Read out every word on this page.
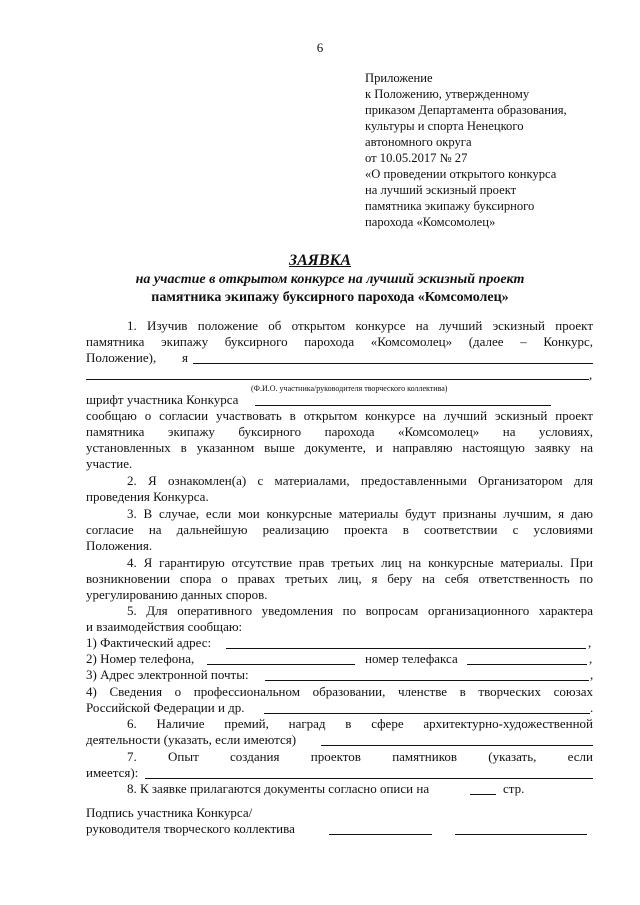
6
Приложение
к Положению, утвержденному
приказом Департамента образования,
культуры и спорта Ненецкого
автономного округа
от 10.05.2017 № 27
«О проведении открытого конкурса
на лучший эскизный проект
памятника экипажу буксирного
парохода «Комсомолец»
ЗАЯВКА
на участие в открытом конкурсе на лучший эскизный проект
памятника экипажу буксирного парохода «Комсомолец»
1. Изучив положение об открытом конкурсе на лучший эскизный проект
памятника экипажу буксирного парохода «Комсомолец» (далее – Конкурс,
Положение), я
,
(Ф.И.О. участника/руководителя творческого коллектива)
шрифт участника Конкурса
сообщаю о согласии участвовать в открытом конкурсе на лучший эскизный проект
памятника экипажу буксирного парохода «Комсомолец» на условиях,
установленных в указанном выше документе, и направляю настоящую заявку на
участие.
2. Я ознакомлен(а) с материалами, предоставленными Организатором для
проведения Конкурса.
3. В случае, если мои конкурсные материалы будут признаны лучшим, я даю
согласие на дальнейшую реализацию проекта в соответствии с условиями
Положения.
4. Я гарантирую отсутствие прав третьих лиц на конкурсные материалы. При
возникновении спора о правах третьих лиц, я беру на себя ответственность по
урегулированию данных споров.
5. Для оперативного уведомления по вопросам организационного характера
и взаимодействия сообщаю:
1) Фактический адрес:	,
2) Номер телефона,	номер телефакса	,
3) Адрес электронной почты:	,
4) Сведения о профессиональном образовании, членстве в творческих союзах
Российской Федерации и др.	.
6. Наличие премий, наград в сфере архитектурно-художественной
деятельности (указать, если имеются)
7. Опыт создания проектов памятников (указать, если
имеется):
8. К заявке прилагаются документы согласно описи на	стр.
Подпись участника Конкурса/
руководителя творческого коллектива
